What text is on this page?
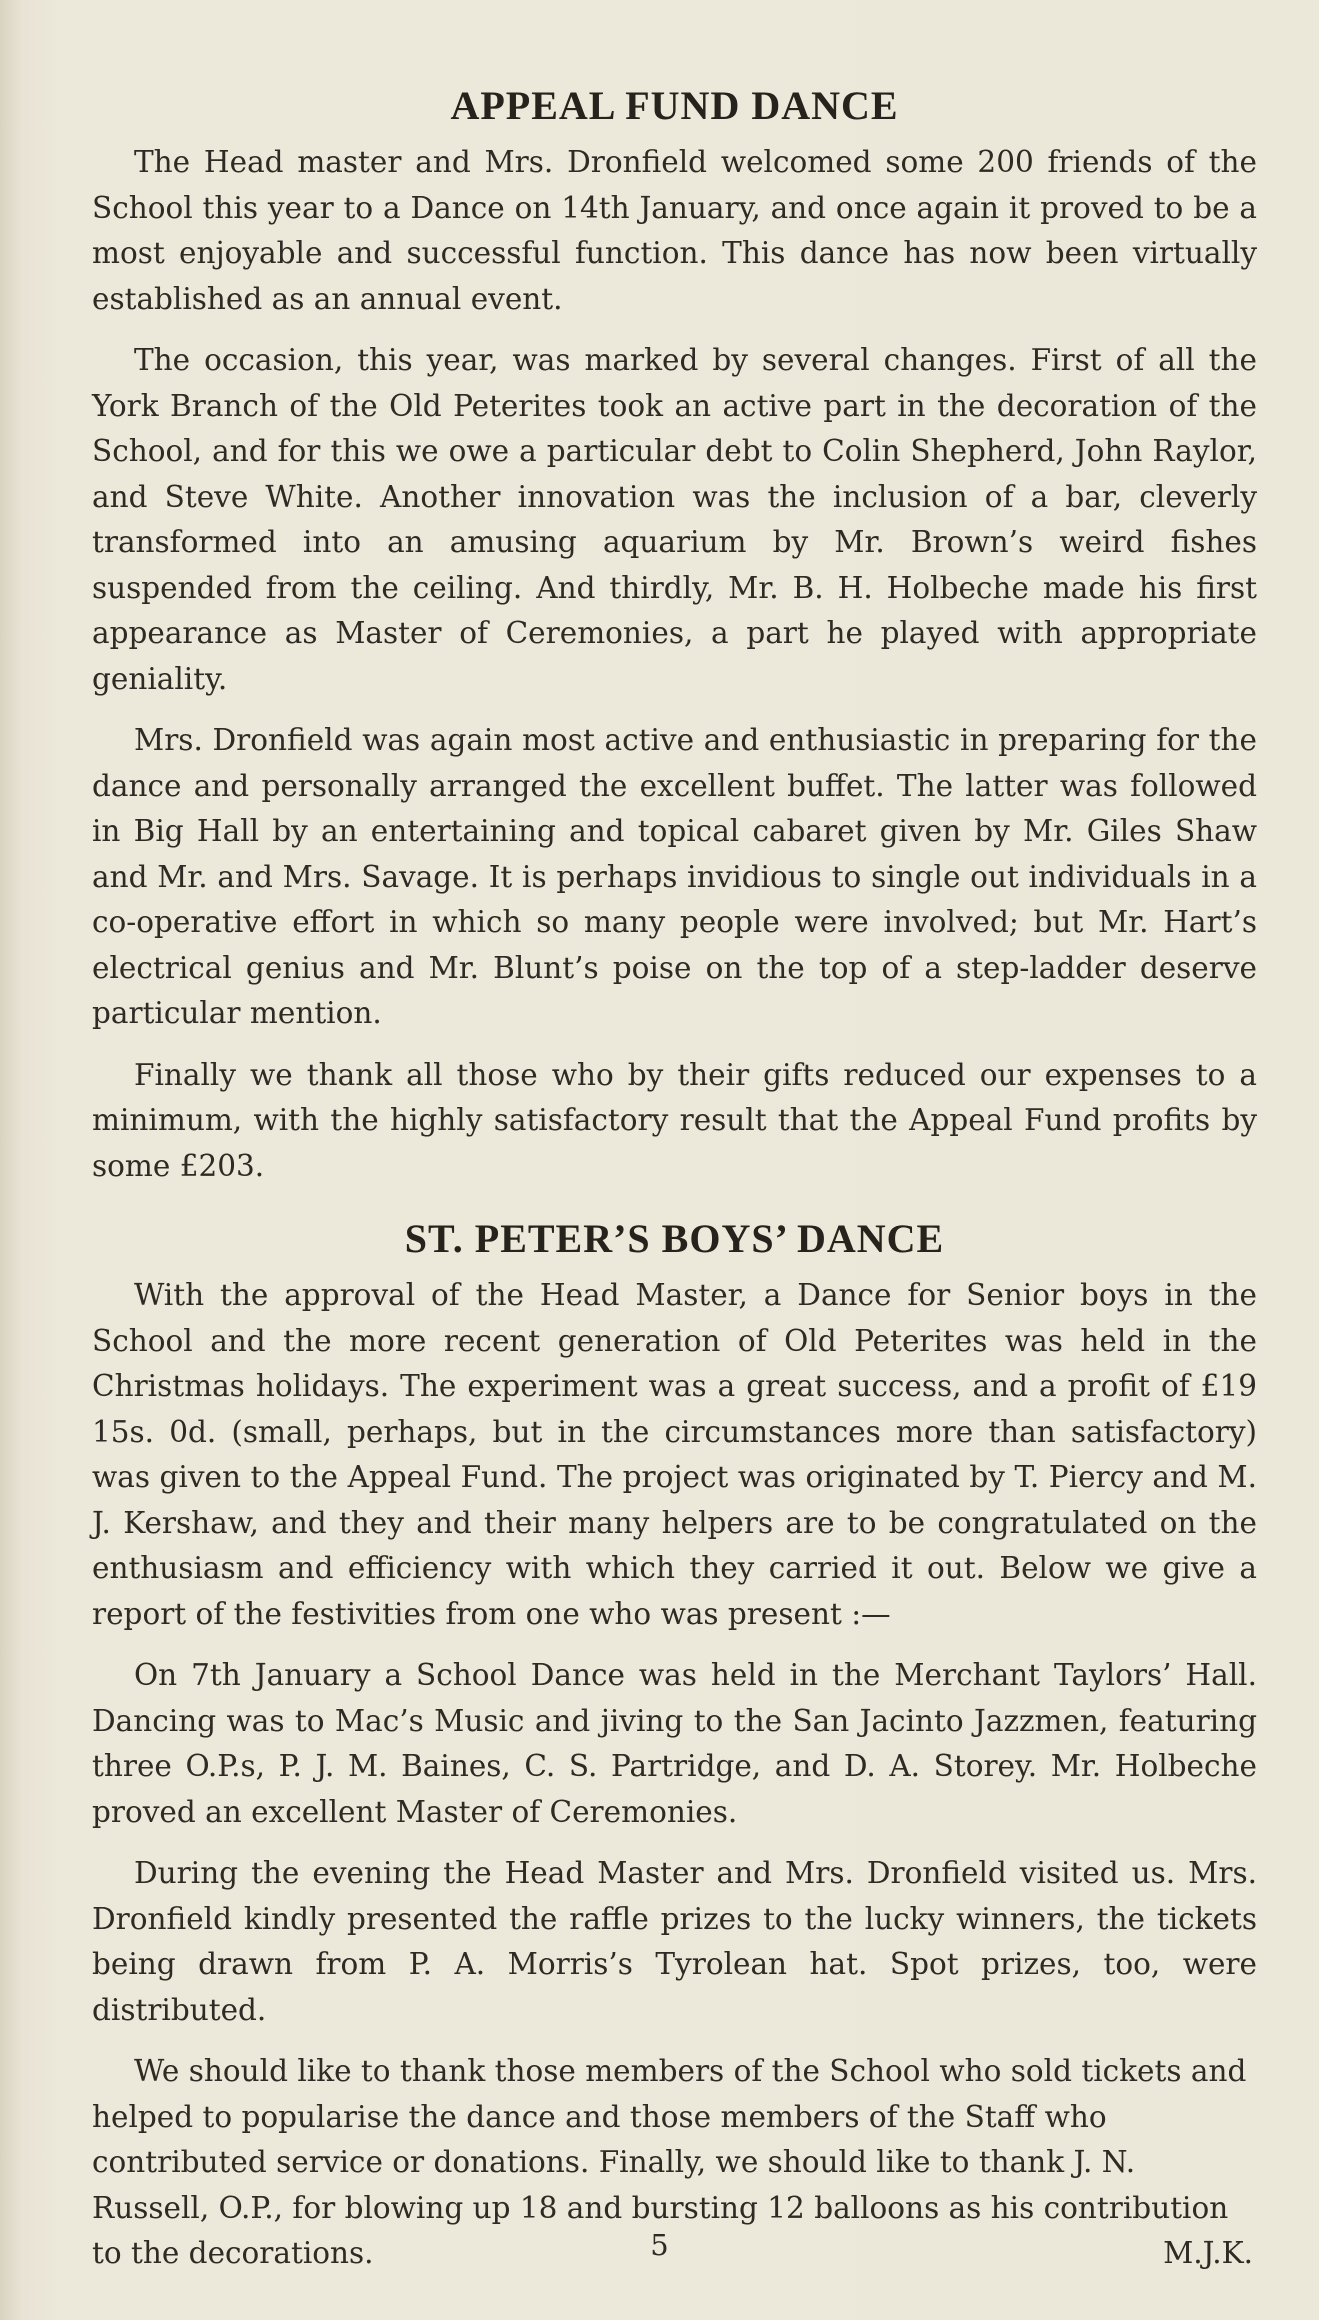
APPEAL FUND DANCE

The Head master and Mrs. Dronfield welcomed some 200 friends of the School this year to a Dance on 14th January, and once again it proved to be a most enjoyable and successful function. This dance has now been virtually established as an annual event.

The occasion, this year, was marked by several changes. First of all the York Branch of the Old Peterites took an active part in the decoration of the School, and for this we owe a particular debt to Colin Shepherd, John Raylor, and Steve White. Another innovation was the inclusion of a bar, cleverly transformed into an amusing aquarium by Mr. Brown’s weird fishes suspended from the ceiling. And thirdly, Mr. B. H. Holbeche made his first appearance as Master of Ceremonies, a part he played with appropriate geniality.

Mrs. Dronfield was again most active and enthusiastic in preparing for the dance and personally arranged the excellent buffet. The latter was followed in Big Hall by an entertaining and topical cabaret given by Mr. Giles Shaw and Mr. and Mrs. Savage. It is perhaps invidious to single out individuals in a co-operative effort in which so many people were involved; but Mr. Hart’s electrical genius and Mr. Blunt’s poise on the top of a step-ladder deserve particular mention.

Finally we thank all those who by their gifts reduced our expenses to a minimum, with the highly satisfactory result that the Appeal Fund profits by some £203.

ST. PETER’S BOYS’ DANCE

With the approval of the Head Master, a Dance for Senior boys in the School and the more recent generation of Old Peterites was held in the Christmas holidays. The experiment was a great success, and a profit of £19 15s. 0d. (small, perhaps, but in the circumstances more than satisfactory) was given to the Appeal Fund. The project was originated by T. Piercy and M. J. Kershaw, and they and their many helpers are to be congratulated on the enthusiasm and efficiency with which they carried it out. Below we give a report of the festivities from one who was present :—

On 7th January a School Dance was held in the Merchant Taylors’ Hall. Dancing was to Mac’s Music and jiving to the San Jacinto Jazzmen, featuring three O.P.s, P. J. M. Baines, C. S. Partridge, and D. A. Storey. Mr. Holbeche proved an excellent Master of Ceremonies.

During the evening the Head Master and Mrs. Dronfield visited us. Mrs. Dronfield kindly presented the raffle prizes to the lucky winners, the tickets being drawn from P. A. Morris’s Tyrolean hat. Spot prizes, too, were distributed.

We should like to thank those members of the School who sold tickets and helped to popularise the dance and those members of the Staff who contributed service or donations. Finally, we should like to thank J. N. Russell, O.P., for blowing up 18 and bursting 12 balloons as his contribution to the decorations.	M.J.K.

5
